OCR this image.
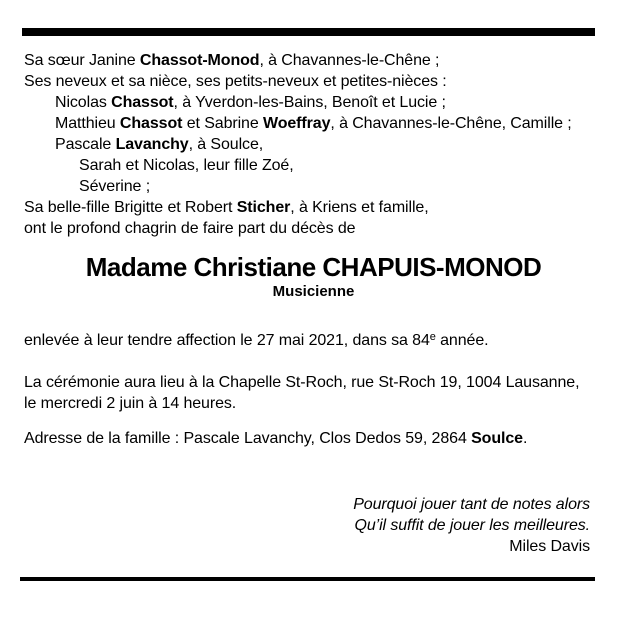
Sa sœur Janine Chassot-Monod, à Chavannes-le-Chêne ;
Ses neveux et sa nièce, ses petits-neveux et petites-nièces :
Nicolas Chassot, à Yverdon-les-Bains, Benoît et Lucie ;
Matthieu Chassot et Sabrine Woeffray, à Chavannes-le-Chêne, Camille ;
Pascale Lavanchy, à Soulce,
Sarah et Nicolas, leur fille Zoé,
Séverine ;
Sa belle-fille Brigitte et Robert Sticher, à Kriens et famille,
ont le profond chagrin de faire part du décès de
Madame Christiane CHAPUIS-MONOD
Musicienne
enlevée à leur tendre affection le 27 mai 2021, dans sa 84e année.
La cérémonie aura lieu à la Chapelle St-Roch, rue St-Roch 19, 1004 Lausanne,
le mercredi 2 juin à 14 heures.
Adresse de la famille : Pascale Lavanchy, Clos Dedos 59, 2864 Soulce.
Pourquoi jouer tant de notes alors
Qu’il suffit de jouer les meilleures.
Miles Davis
